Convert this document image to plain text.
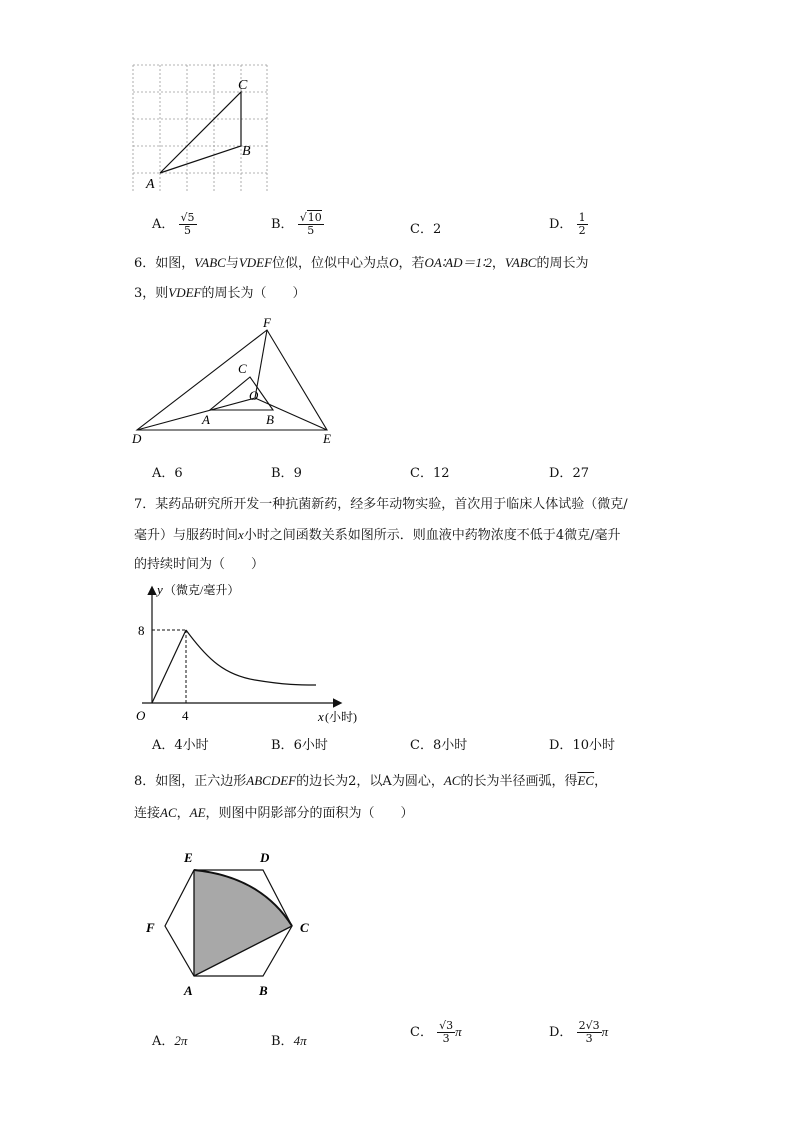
C
B
A
A． $\frac{√5}{5}$	B． $\frac{√10}{5}$	C．2	D． $\frac{1}{2}$
6．如图，VABC与VDEF位似，位似中心为点O，若OA∶AD＝1∶2，VABC的周长为
3，则VDEF的周长为（　　）
F
C
O
A	B
D	E
A．6	B．9	C．12	D．27
7．某药品研究所开发一种抗菌新药，经多年动物实验，首次用于临床人体试验（微克/
毫升）与服药时间x小时之间函数关系如图所示．则血液中药物浓度不低于4微克/毫升
的持续时间为（　　）
y （微克/毫升）
8
O	4	x (小时)
A．4小时	B．6小时	C．8小时	D．10小时
8．如图，正六边形ABCDEF的边长为2，以A为圆心，AC的长为半径画弧，得$\overline{EC}$，
连接AC，AE，则图中阴影部分的面积为（　　）
E	D
F	C
A	B
A．2π	B．4π
C． $\frac{√3}{3}$ π	D． $\frac{2√3}{3}$ π
